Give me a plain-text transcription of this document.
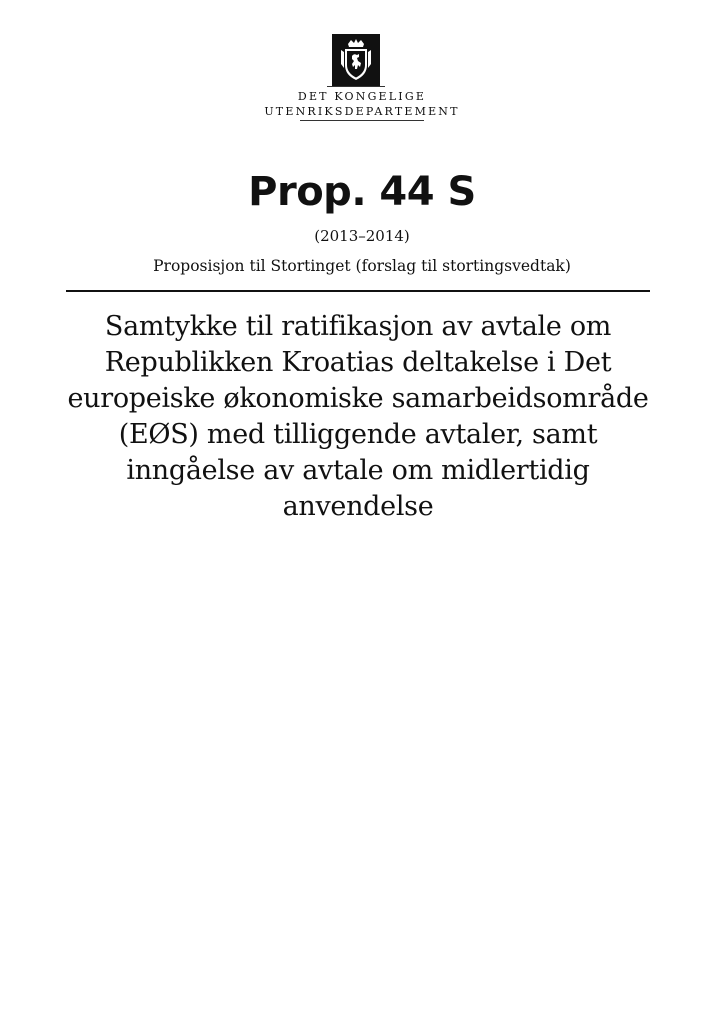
DET KONGELIGE
UTENRIKSDEPARTEMENT
Prop. 44 S
(2013–2014)
Proposisjon til Stortinget (forslag til stortingsvedtak)
Samtykke til ratifikasjon av avtale om Republikken Kroatias deltakelse i Det europeiske økonomiske samarbeidsområde (EØS) med tilliggende avtaler, samt inngåelse av avtale om midlertidig anvendelse
